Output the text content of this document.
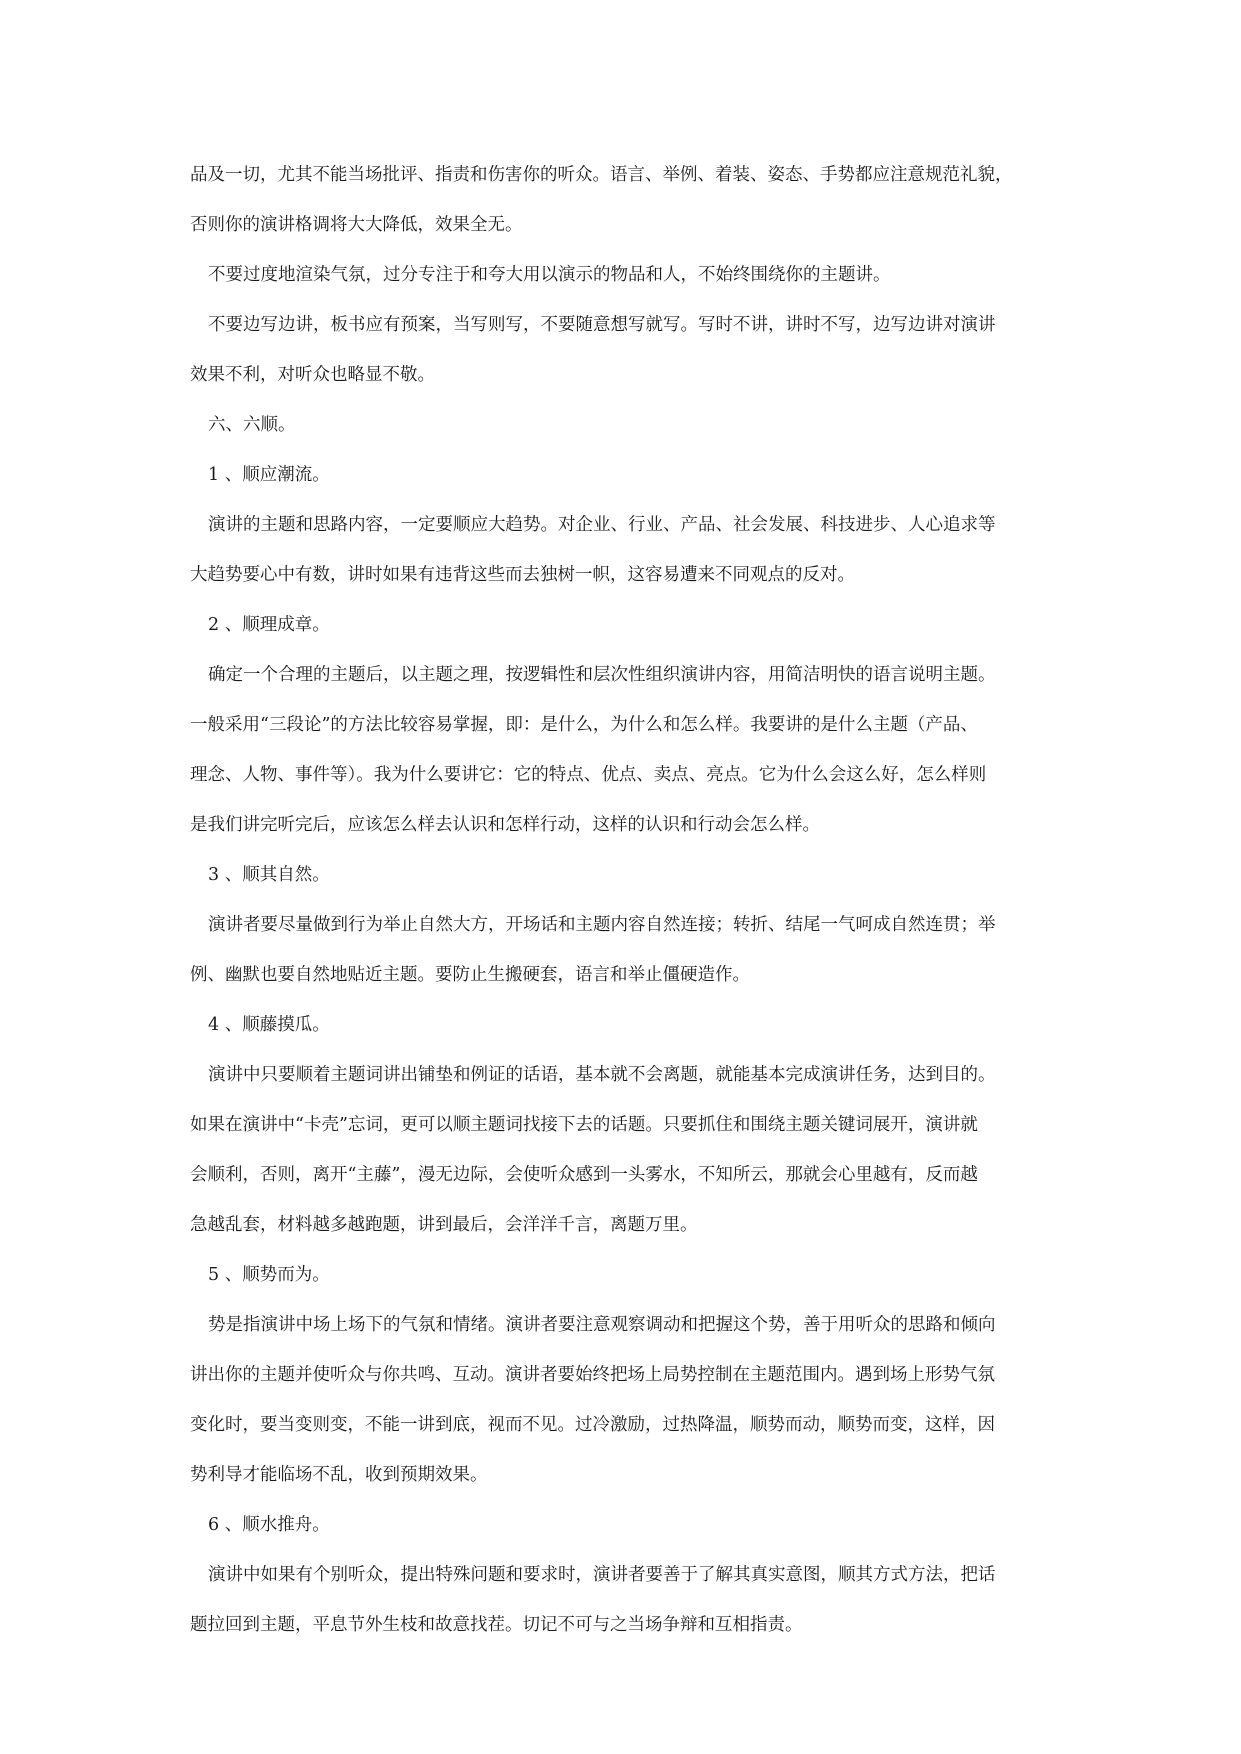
品及一切，尤其不能当场批评、指责和伤害你的听众。语言、举例、着装、姿态、手势都应注意规范礼貌，
否则你的演讲格调将大大降低，效果全无。
不要过度地渲染气氛，过分专注于和夸大用以演示的物品和人，不始终围绕你的主题讲。
不要边写边讲，板书应有预案，当写则写，不要随意想写就写。写时不讲，讲时不写，边写边讲对演讲
效果不利，对听众也略显不敬。
六、六顺。
1 、顺应潮流。
演讲的主题和思路内容，一定要顺应大趋势。对企业、行业、产品、社会发展、科技进步、人心追求等
大趋势要心中有数，讲时如果有违背这些而去独树一帜，这容易遭来不同观点的反对。
2 、顺理成章。
确定一个合理的主题后，以主题之理，按逻辑性和层次性组织演讲内容，用简洁明快的语言说明主题。
一般采用“三段论”的方法比较容易掌握，即：是什么，为什么和怎么样。我要讲的是什么主题（产品、
理念、人物、事件等）。我为什么要讲它：它的特点、优点、卖点、亮点。它为什么会这么好，怎么样则
是我们讲完听完后，应该怎么样去认识和怎样行动，这样的认识和行动会怎么样。
3 、顺其自然。
演讲者要尽量做到行为举止自然大方，开场话和主题内容自然连接；转折、结尾一气呵成自然连贯；举
例、幽默也要自然地贴近主题。要防止生搬硬套，语言和举止僵硬造作。
4 、顺藤摸瓜。
演讲中只要顺着主题词讲出铺垫和例证的话语，基本就不会离题，就能基本完成演讲任务，达到目的。
如果在演讲中“卡壳”忘词，更可以顺主题词找接下去的话题。只要抓住和围绕主题关键词展开，演讲就
会顺利，否则，离开“主藤”，漫无边际，会使听众感到一头雾水，不知所云，那就会心里越有，反而越
急越乱套，材料越多越跑题，讲到最后，会洋洋千言，离题万里。
5 、顺势而为。
势是指演讲中场上场下的气氛和情绪。演讲者要注意观察调动和把握这个势，善于用听众的思路和倾向
讲出你的主题并使听众与你共鸣、互动。演讲者要始终把场上局势控制在主题范围内。遇到场上形势气氛
变化时，要当变则变，不能一讲到底，视而不见。过冷激励，过热降温，顺势而动，顺势而变，这样，因
势利导才能临场不乱，收到预期效果。
6 、顺水推舟。
演讲中如果有个别听众，提出特殊问题和要求时，演讲者要善于了解其真实意图，顺其方式方法，把话
题拉回到主题，平息节外生枝和故意找茬。切记不可与之当场争辩和互相指责。
